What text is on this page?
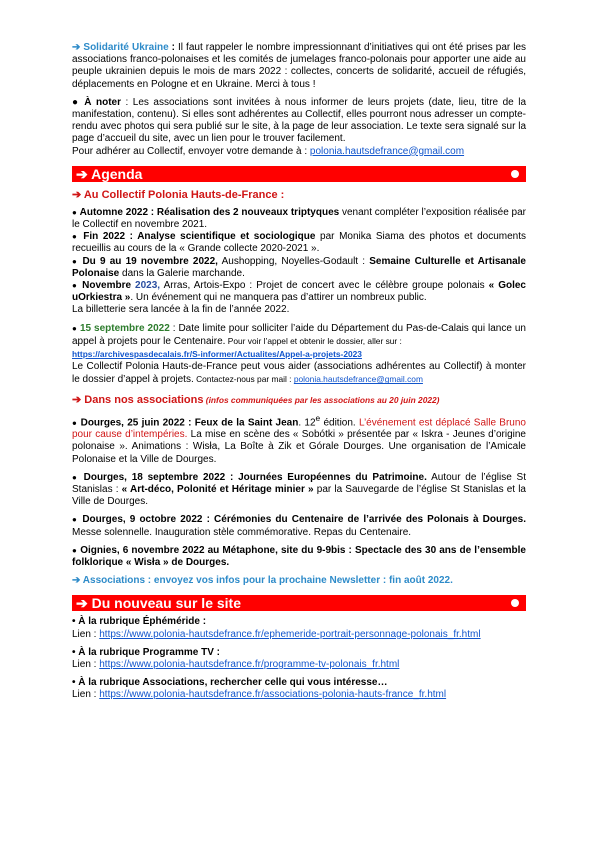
➔ Solidarité Ukraine : Il faut rappeler le nombre impressionnant d’initiatives qui ont été prises par les associations franco-polonaises et les comités de jumelages franco-polonais pour apporter une aide au peuple ukrainien depuis le mois de mars 2022 : collectes, concerts de solidarité, accueil de réfugiés, déplacements en Pologne et en Ukraine. Merci à tous !

● À noter : Les associations sont invitées à nous informer de leurs projets (date, lieu, titre de la manifestation, contenu). Si elles sont adhérentes au Collectif, elles pourront nous adresser un compte-rendu avec photos qui sera publié sur le site, à la page de leur association. Le texte sera signalé sur la page d’accueil du site, avec un lien pour le trouver facilement.

Pour adhérer au Collectif, envoyer votre demande à : polonia.hautsdefrance@gmail.com

➔ Agenda
➔ Au Collectif Polonia Hauts-de-France :

● Automne 2022 : Réalisation des 2 nouveaux triptyques venant compléter l’exposition réalisée par le Collectif en novembre 2021.

● Fin 2022 : Analyse scientifique et sociologique par Monika Siama des photos et documents recueillis au cours de la « Grande collecte 2020-2021 ».

● Du 9 au 19 novembre 2022, Aushopping, Noyelles-Godault : Semaine Culturelle et Artisanale Polonaise dans la Galerie marchande.

● Novembre 2023, Arras, Artois-Expo : Projet de concert avec le célèbre groupe polonais « Golec uOrkiestra ». Un événement qui ne manquera pas d’attirer un nombreux public.

La billetterie sera lancée à la fin de l’année 2022.

● 15 septembre 2022 : Date limite pour solliciter l’aide du Département du Pas-de-Calais qui lance un appel à projets pour le Centenaire. Pour voir l’appel et obtenir le dossier, aller sur :

https://archivespasdecalais.fr/S-informer/Actualites/Appel-a-projets-2023

Le Collectif Polonia Hauts-de-France peut vous aider (associations adhérentes au Collectif) à monter le dossier d’appel à projets. Contactez-nous par mail : polonia.hautsdefrance@gmail.com

➔ Dans nos associations (infos communiquées par les associations au 20 juin 2022)

● Dourges, 25 juin 2022 : Feux de la Saint Jean. 12e édition. L’événement est déplacé Salle Bruno pour cause d’intempéries. La mise en scène des « Sobótki » présentée par « Iskra - Jeunes d’origine polonaise ». Animations : Wisła, La Boîte à Zik et Górale Dourges. Une organisation de l’Amicale Polonaise et la Ville de Dourges.

● Dourges, 18 septembre 2022 : Journées Européennes du Patrimoine. Autour de l’église St Stanislas : « Art-déco, Polonité et Héritage minier » par la Sauvegarde de l’église St Stanislas et la Ville de Dourges.

● Dourges, 9 octobre 2022 : Cérémonies du Centenaire de l’arrivée des Polonais à Dourges. Messe solennelle. Inauguration stèle commémorative. Repas du Centenaire.

● Oignies, 6 novembre 2022 au Métaphone, site du 9-9bis : Spectacle des 30 ans de l’ensemble folklorique « Wisła » de Dourges.

➔ Associations : envoyez vos infos pour la prochaine Newsletter : fin août 2022.

➔ Du nouveau sur le site

• À la rubrique Éphéméride :

Lien : https://www.polonia-hautsdefrance.fr/ephemeride-portrait-personnage-polonais_fr.html

• À la rubrique Programme TV :

Lien : https://www.polonia-hautsdefrance.fr/programme-tv-polonais_fr.html

• À la rubrique Associations, rechercher celle qui vous intéresse…

Lien : https://www.polonia-hautsdefrance.fr/associations-polonia-hauts-france_fr.html
